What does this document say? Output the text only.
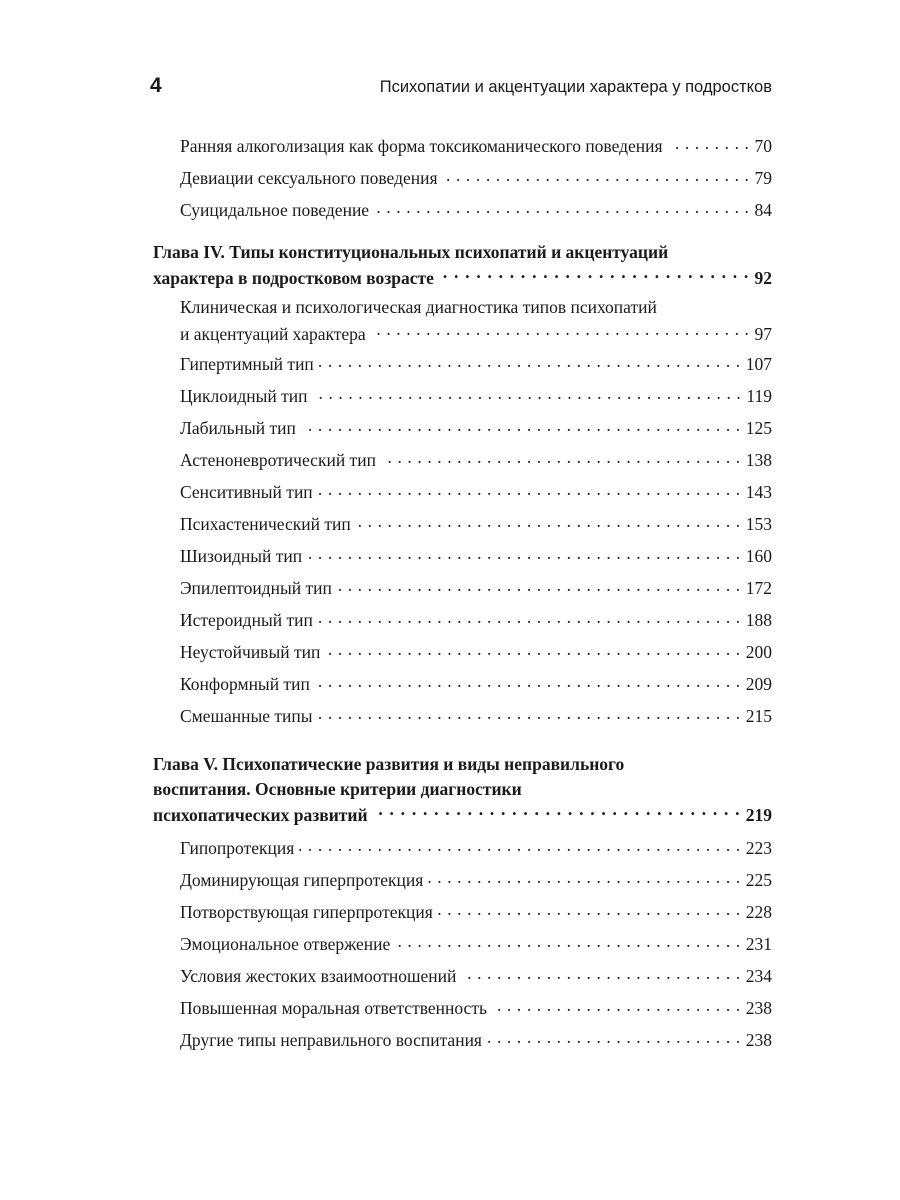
4	Психопатии и акцентуации характера у подростков
Ранняя алкоголизация как форма токсикоманического поведения . . .	70
Девиации сексуального поведения . . .	79
Суицидальное поведение . . .	84
Глава IV. Типы конституциональных психопатий и акцентуаций
характера в подростковом возрасте . . .	92
Клиническая и психологическая диагностика типов психопатий
и акцентуаций характера . . .	97
Гипертимный тип . . .	107
Циклоидный тип . . .	119
Лабильный тип . . .	125
Астеноневротический тип . . .	138
Сенситивный тип . . .	143
Психастенический тип . . .	153
Шизоидный тип . . .	160
Эпилептоидный тип . . .	172
Истероидный тип . . .	188
Неустойчивый тип . . .	200
Конформный тип . . .	209
Смешанные типы . . .	215
Глава V. Психопатические развития и виды неправильного
воспитания. Основные критерии диагностики
психопатических развитий . . .	219
Гипопротекция . . .	223
Доминирующая гиперпротекция . . .	225
Потворствующая гиперпротекция . . .	228
Эмоциональное отвержение . . .	231
Условия жестоких взаимоотношений . . .	234
Повышенная моральная ответственность . . .	238
Другие типы неправильного воспитания . . .	238
